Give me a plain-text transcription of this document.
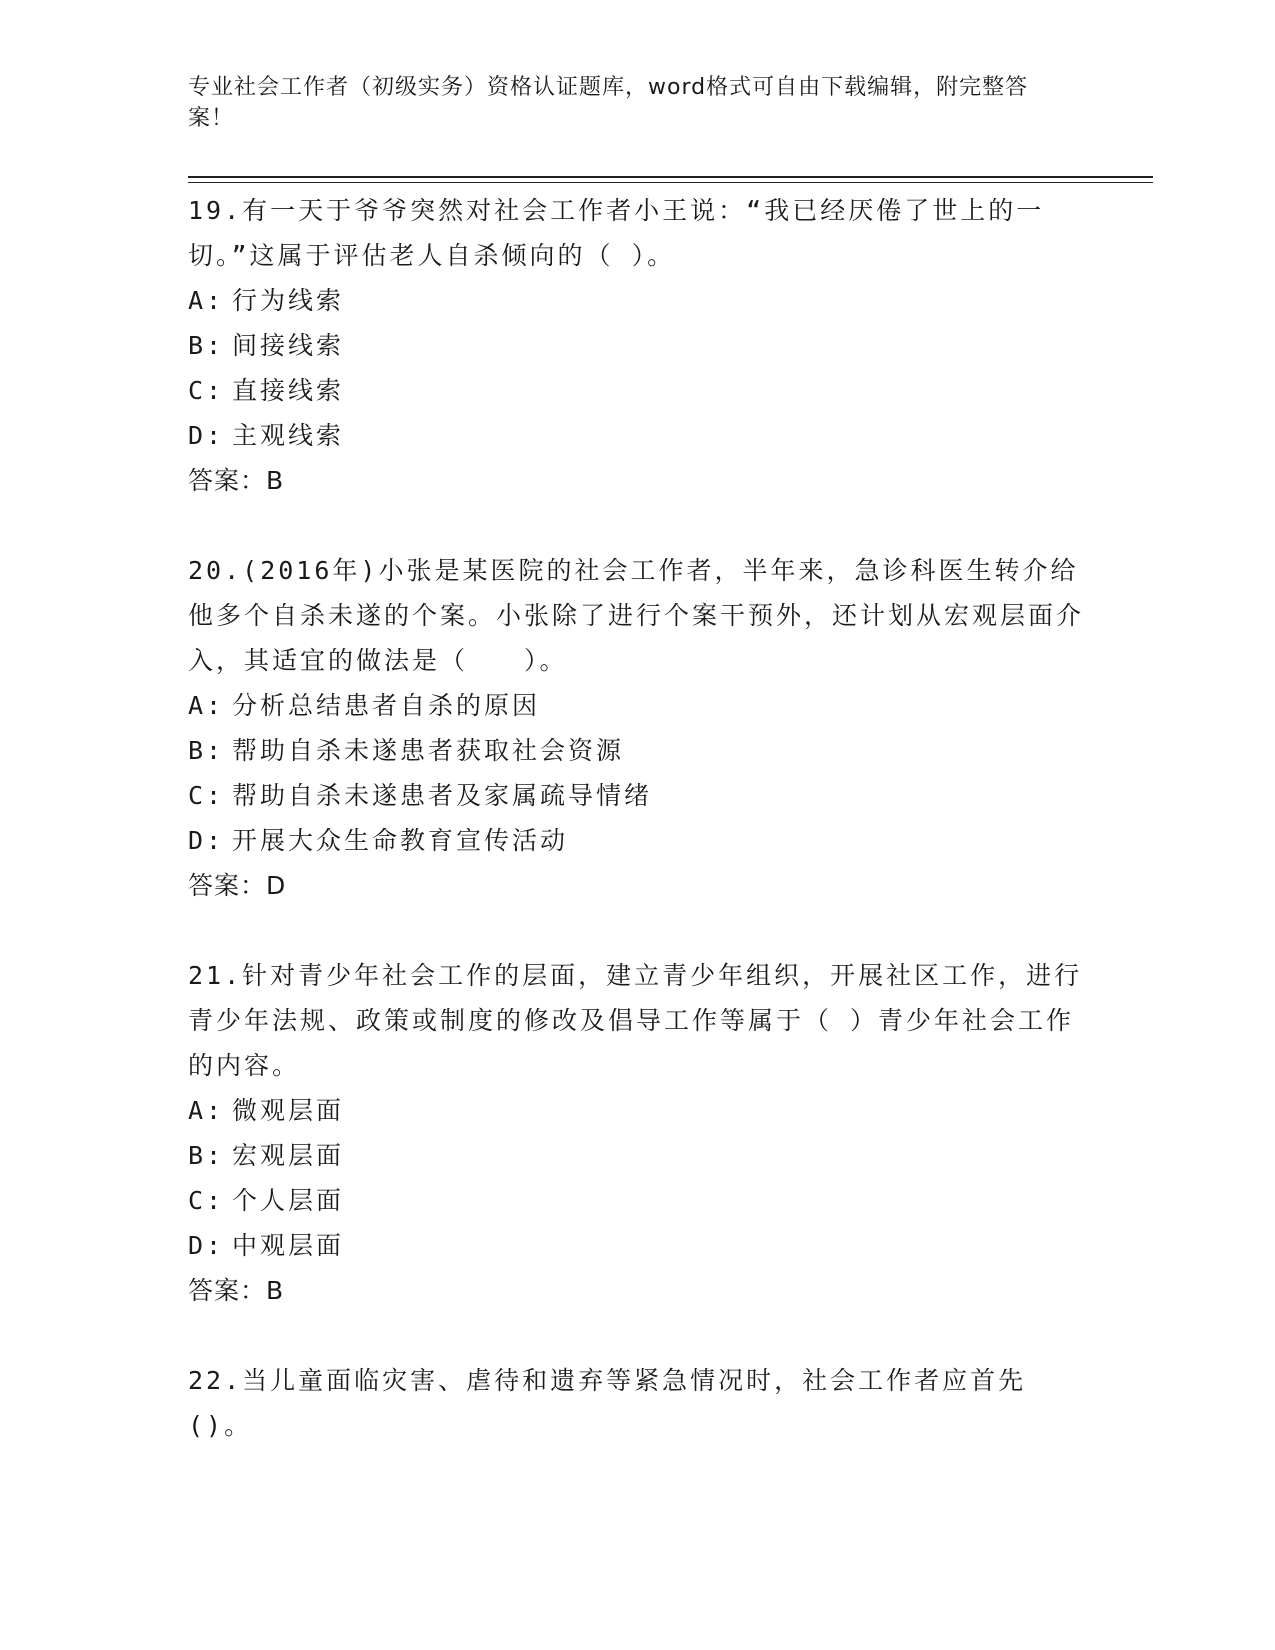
专业社会工作者（初级实务）资格认证题库，word格式可自由下载编辑，附完整答案！
19.有一天于爷爷突然对社会工作者小王说：“我已经厌倦了世上的一切。”这属于评估老人自杀倾向的（ ）。
A: 行为线索
B: 间接线索
C: 直接线索
D: 主观线索
答案：B
20.(2016年)小张是某医院的社会工作者，半年来，急诊科医生转介给他多个自杀未遂的个案。小张除了进行个案干预外，还计划从宏观层面介入，其适宜的做法是（　　）。
A: 分析总结患者自杀的原因
B: 帮助自杀未遂患者获取社会资源
C: 帮助自杀未遂患者及家属疏导情绪
D: 开展大众生命教育宣传活动
答案：D
21.针对青少年社会工作的层面，建立青少年组织，开展社区工作，进行青少年法规、政策或制度的修改及倡导工作等属于（ ）青少年社会工作的内容。
A: 微观层面
B: 宏观层面
C: 个人层面
D: 中观层面
答案：B
22.当儿童面临灾害、虐待和遗弃等紧急情况时，社会工作者应首先()。
